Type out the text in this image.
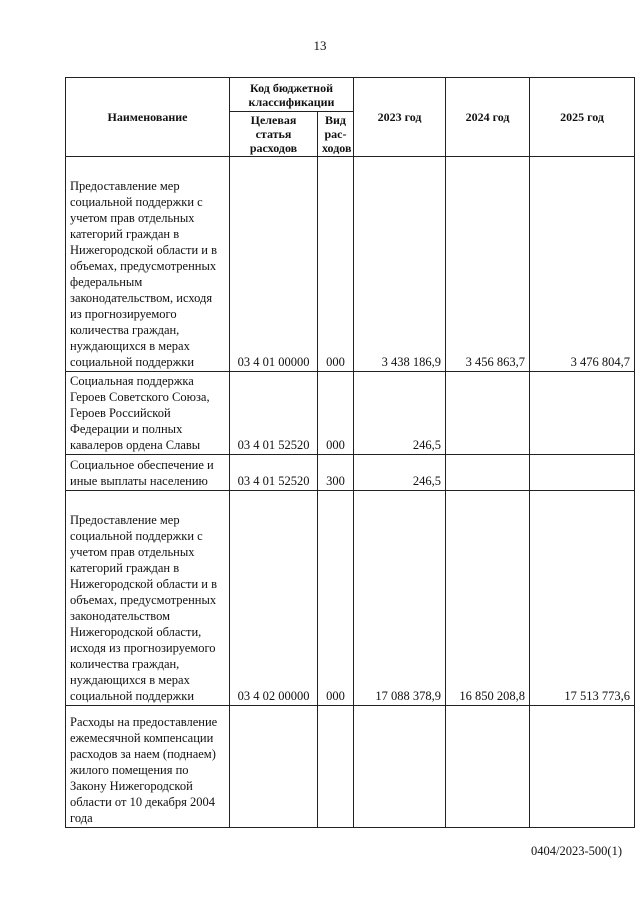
13
Наименование	Код бюджетной классификации		2023 год	2024 год	2025 год
	Целевая статья расходов	Вид рас-ходов			
Предоставление мер социальной поддержки с учетом прав отдельных категорий граждан в Нижегородской области и в объемах, предусмотренных федеральным законодательством, исходя из прогнозируемого количества граждан, нуждающихся в мерах социальной поддержки	03 4 01 00000	000	3 438 186,9	3 456 863,7	3 476 804,7
Социальная поддержка Героев Советского Союза, Героев Российской Федерации и полных кавалеров ордена Славы	03 4 01 52520	000	246,5		
Социальное обеспечение и иные выплаты населению	03 4 01 52520	300	246,5		
Предоставление мер социальной поддержки с учетом прав отдельных категорий граждан в Нижегородской области и в объемах, предусмотренных законодательством Нижегородской области, исходя из прогнозируемого количества граждан, нуждающихся в мерах социальной поддержки	03 4 02 00000	000	17 088 378,9	16 850 208,8	17 513 773,6
Расходы на предоставление ежемесячной компенсации расходов за наем (поднаем) жилого помещения по Закону Нижегородской области от 10 декабря 2004 года					
0404/2023-500(1)
